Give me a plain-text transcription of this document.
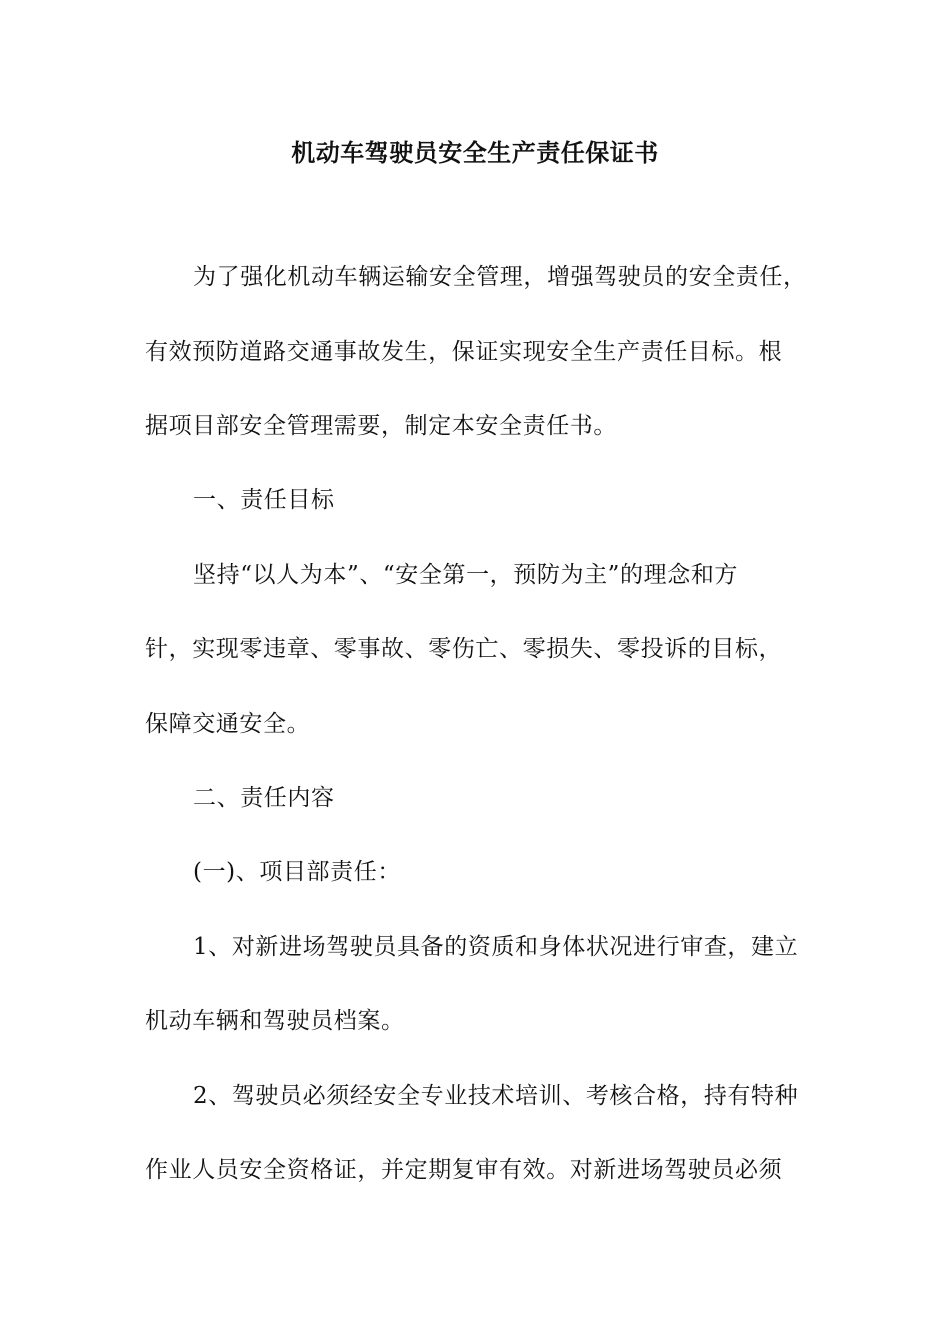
机动车驾驶员安全生产责任保证书

为了强化机动车辆运输安全管理，增强驾驶员的安全责任，

有效预防道路交通事故发生，保证实现安全生产责任目标。根

据项目部安全管理需要，制定本安全责任书。

一、责任目标

坚持“以人为本”、“安全第一，预防为主”的理念和方

针，实现零违章、零事故、零伤亡、零损失、零投诉的目标，

保障交通安全。

二、责任内容

(一)、项目部责任：

1、对新进场驾驶员具备的资质和身体状况进行审查，建立

机动车辆和驾驶员档案。

2、驾驶员必须经安全专业技术培训、考核合格，持有特种

作业人员安全资格证，并定期复审有效。对新进场驾驶员必须
